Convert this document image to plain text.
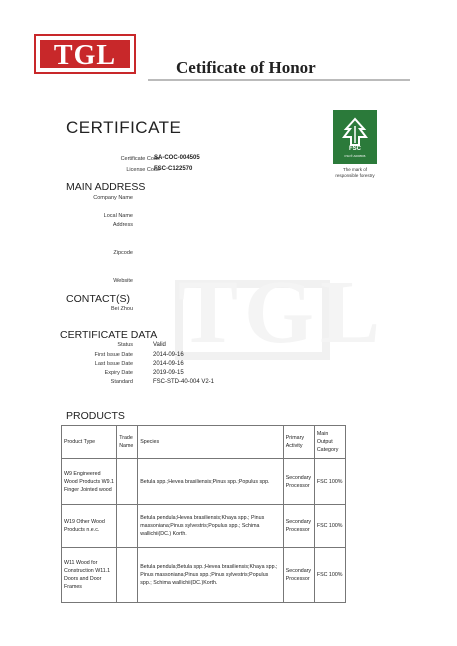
TGL
TGL	Cetificate of Honor
CERTIFICATE
Certificate Code
SA-COC-004505
License Code
FSC-C122570
FSC
FSC® A000506
The mark of
responsible forestry
MAIN ADDRESS
Company Name
Local Name
Address
Zipcode
Website
CONTACT(S)
Bei Zhou
CERTIFICATE DATA
Status	Valid
First Issue Date	2014-09-16
Last Issue Date	2014-09-16
Expiry Date	2019-09-15
Standard	FSC-STD-40-004 V2-1
PRODUCTS
Product Type	Trade Name	Species	Primary Activity	Main Output Category
W9 Engineered Wood Products W9.1 Finger Jointed wood		Betula spp.;Hevea brasiliensis;Pinus spp.;Populus spp.	Secondary Processor	FSC 100%
W19 Other Wood Products n.e.c.		Betula pendula;Hevea brasiliensis;Khaya spp.; Pinus massoniana;Pinus sylvestris;Populus spp.; Schima wallichii(DC.) Korth.	Secondary Processor	FSC 100%
W11 Wood for Construction W11.1 Doors and Door Frames		Betula pendula;Betula spp.;Hevea brasiliensis;Khaya spp.; Pinus massoniana;Pinus spp.;Pinus sylvestris;Populus spp.; Schima wallichii(DC.)Korth.	Secondary Processor	FSC 100%
